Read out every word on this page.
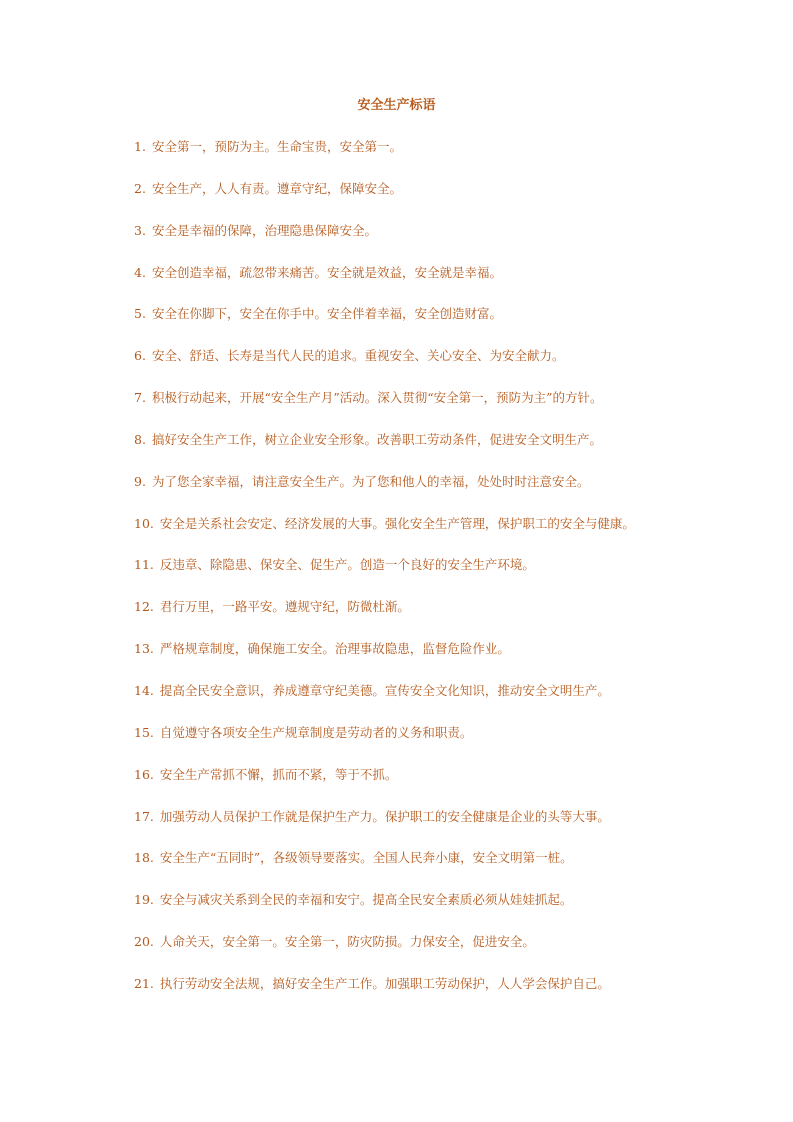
安全生产标语
1. 安全第一，预防为主。生命宝贵，安全第一。
2. 安全生产，人人有责。遵章守纪，保障安全。
3. 安全是幸福的保障，治理隐患保障安全。
4. 安全创造幸福，疏忽带来痛苦。安全就是效益，安全就是幸福。
5. 安全在你脚下，安全在你手中。安全伴着幸福，安全创造财富。
6. 安全、舒适、长寿是当代人民的追求。重视安全、关心安全、为安全献力。
7. 积极行动起来，开展“安全生产月”活动。深入贯彻“安全第一，预防为主”的方针。
8. 搞好安全生产工作，树立企业安全形象。改善职工劳动条件，促进安全文明生产。
9. 为了您全家幸福，请注意安全生产。为了您和他人的幸福，处处时时注意安全。
10. 安全是关系社会安定、经济发展的大事。强化安全生产管理，保护职工的安全与健康。
11. 反违章、除隐患、保安全、促生产。创造一个良好的安全生产环境。
12. 君行万里，一路平安。遵规守纪，防微杜渐。
13. 严格规章制度，确保施工安全。治理事故隐患，监督危险作业。
14. 提高全民安全意识，养成遵章守纪美德。宣传安全文化知识，推动安全文明生产。
15. 自觉遵守各项安全生产规章制度是劳动者的义务和职责。
16. 安全生产常抓不懈，抓而不紧，等于不抓。
17. 加强劳动人员保护工作就是保护生产力。保护职工的安全健康是企业的头等大事。
18. 安全生产“五同时”，各级领导要落实。全国人民奔小康，安全文明第一桩。
19. 安全与减灾关系到全民的幸福和安宁。提高全民安全素质必须从娃娃抓起。
20. 人命关天，安全第一。安全第一，防灾防损。力保安全，促进安全。
21. 执行劳动安全法规，搞好安全生产工作。加强职工劳动保护，人人学会保护自己。
